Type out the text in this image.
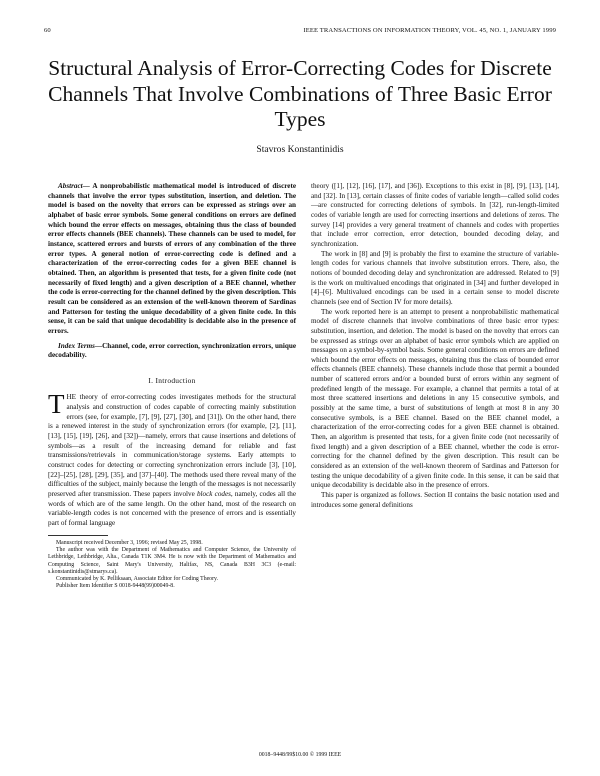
60	IEEE TRANSACTIONS ON INFORMATION THEORY, VOL. 45, NO. 1, JANUARY 1999
Structural Analysis of Error-Correcting Codes for Discrete Channels That Involve Combinations of Three Basic Error Types
Stavros Konstantinidis

Abstract— A nonprobabilistic mathematical model is introduced of discrete channels that involve the error types substitution, insertion, and deletion. The model is based on the novelty that errors can be expressed as strings over an alphabet of basic error symbols. Some general conditions on errors are defined which bound the error effects on messages, obtaining thus the class of bounded error effects channels (BEE channels). These channels can be used to model, for instance, scattered errors and bursts of errors of any combination of the three error types. A general notion of error-correcting code is defined and a characterization of the error-correcting codes for a given BEE channel is obtained. Then, an algorithm is presented that tests, for a given finite code (not necessarily of fixed length) and a given description of a BEE channel, whether the code is error-correcting for the channel defined by the given description. This result can be considered as an extension of the well-known theorem of Sardinas and Patterson for testing the unique decodability of a given finite code. In this sense, it can be said that unique decodability is decidable also in the presence of errors.

Index Terms—Channel, code, error correction, synchronization errors, unique decodability.

I. Introduction

THE theory of error-correcting codes investigates methods for the structural analysis and construction of codes capable of correcting mainly substitution errors (see, for example, [7], [9], [27], [30], and [31]). On the other hand, there is a renewed interest in the study of synchronization errors (for example, [2], [11], [13], [15], [19], [26], and [32])—namely, errors that cause insertions and deletions of symbols—as a result of the increasing demand for reliable and fast transmissions/retrievals in communication/storage systems. Early attempts to construct codes for detecting or correcting synchronization errors include [3], [10], [22]–[25], [28], [29], [35], and [37]–[40]. The methods used there reveal many of the difficulties of the subject, mainly because the length of the messages is not necessarily preserved after transmission. These papers involve block codes, namely, codes all the words of which are of the same length. On the other hand, most of the research on variable-length codes is not concerned with the presence of errors and is essentially part of formal language

Manuscript received December 3, 1996; revised May 25, 1998.

The author was with the Department of Mathematics and Computer Science, the University of Lethbridge, Lethbridge, Alta., Canada T1K 3M4. He is now with the Department of Mathematics and Computing Science, Saint Mary's University, Halifax, NS, Canada B3H 3C3 (e-mail: s.konstantinidis@stmarys.ca).

Communicated by K. Pelliksaan, Associate Editor for Coding Theory.

Publisher Item Identifier S 0018-9448(99)00049-8.

theory ([1], [12], [16], [17], and [36]). Exceptions to this exist in [8], [9], [13], [14], and [32]. In [13], certain classes of finite codes of variable length—called solid codes—are constructed for correcting deletions of symbols. In [32], run-length-limited codes of variable length are used for correcting insertions and deletions of zeros. The survey [14] provides a very general treatment of channels and codes with properties that include error correction, error detection, bounded decoding delay, and synchronization.

The work in [8] and [9] is probably the first to examine the structure of variable-length codes for various channels that involve substitution errors. There, also, the notions of bounded decoding delay and synchronization are addressed. Related to [9] is the work on multivalued encodings that originated in [34] and further developed in [4]–[6]. Multivalued encodings can be used in a certain sense to model discrete channels (see end of Section IV for more details).

The work reported here is an attempt to present a nonprobabilistic mathematical model of discrete channels that involve combinations of three basic error types: substitution, insertion, and deletion. The model is based on the novelty that errors can be expressed as strings over an alphabet of basic error symbols which are applied on messages on a symbol-by-symbol basis. Some general conditions on errors are defined which bound the error effects on messages, obtaining thus the class of bounded error effects channels (BEE channels). These channels include those that permit a bounded number of scattered errors and/or a bounded burst of errors within any segment of predefined length of the message. For example, a channel that permits a total of at most three scattered insertions and deletions in any 15 consecutive symbols, and possibly at the same time, a burst of substitutions of length at most 8 in any 30 consecutive symbols, is a BEE channel. Based on the BEE channel model, a characterization of the error-correcting codes for a given BEE channel is obtained. Then, an algorithm is presented that tests, for a given finite code (not necessarily of fixed length) and a given description of a BEE channel, whether the code is error-correcting for the channel defined by the given description. This result can be considered as an extension of the well-known theorem of Sardinas and Patterson for testing the unique decodability of a given finite code. In this sense, it can be said that unique decodability is decidable also in the presence of errors.

This paper is organized as follows. Section II contains the basic notation used and introduces some general definitions

0018–9448/99$10.00 © 1999 IEEE
